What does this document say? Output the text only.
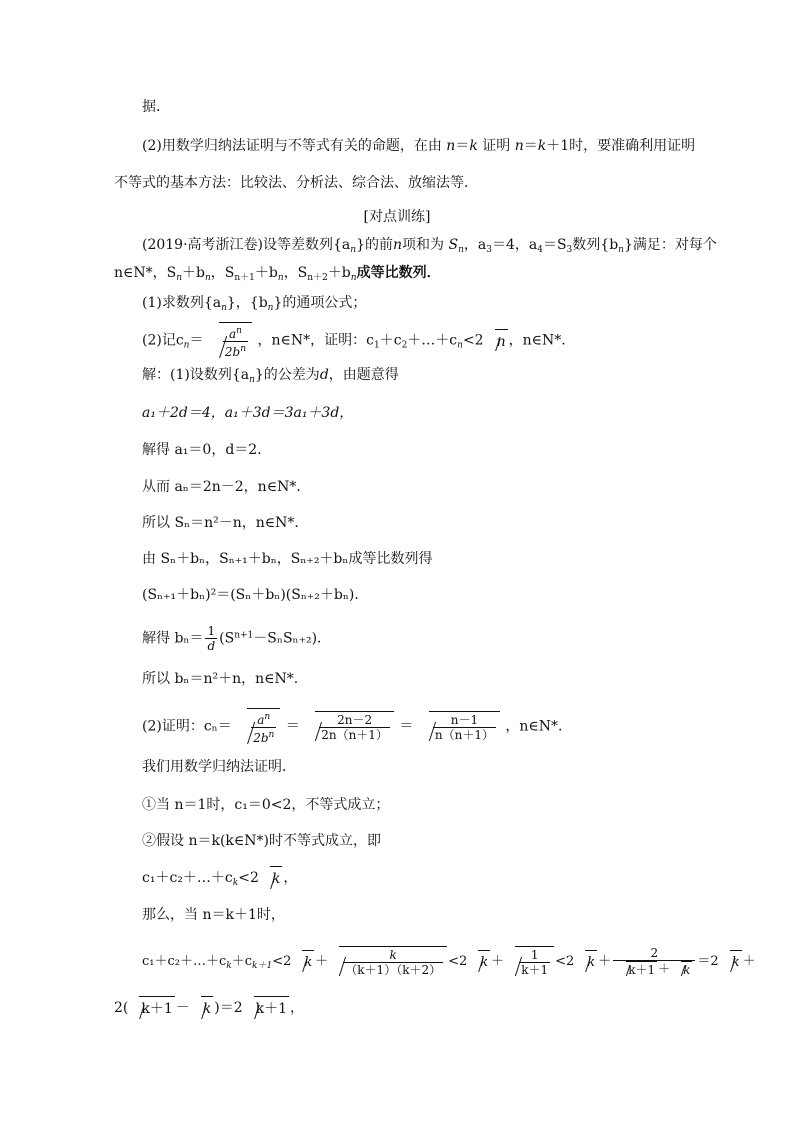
据．
(2)用数学归纳法证明与不等式有关的命题，在由 n＝k 证明 n＝k＋1时，要准确利用证明
不等式的基本方法：比较法、分析法、综合法、放缩法等．
[对点训练]
(2019·高考浙江卷)设等差数列$\{a_n\}$的前n项和为 $S_n$，$a_3=4$，$a_4=S_3$数列$\{b_n\}$满足：对每个
n∈N*，$S_n+b_n$，$S_{n+1}+b_n$，$S_{n+2}+b_n$成等比数列．
(1)求数列$\{a_n\}$，$\{b_n\}$的通项公式；
(2)记$c_n= \frac{a^n}{2b^n}$ ，n∈N*，证明：$c_1+c_2+\dots+c_n<2$ n ，n∈N*.
解：(1)设数列$\{a_n\}$的公差为d，由题意得
a₁＋2d＝4，a₁＋3d＝3a₁＋3d，
解得 a₁＝0，d＝2.
从而 aₙ＝2n－2，n∈N*.
所以 Sₙ＝n²－n，n∈N*.
由 Sₙ＋bₙ，Sₙ₊₁＋bₙ，Sₙ₊₂＋bₙ成等比数列得
(Sₙ₊₁＋bₙ)²＝(Sₙ＋bₙ)(Sₙ₊₂＋bₙ)．
解得 $b_n= \frac{1}{d} (S^{n+1}-S_nS_{n+2})$．
所以 bₙ＝n²＋n，n∈N*.
(2)证明：$c_n= \frac{a^n}{2b^n} = \frac{2n-2}{2n(n+1)} = \frac{n-1}{n(n+1)}$ ，n∈N*.
我们用数学归纳法证明．
①当 n＝1时，c₁＝0<2，不等式成立；
②假设 n＝k(k∈N*)时不等式成立，即
$c_1+c_2+\dots+c_k<2$ k ，
那么，当 n＝k＋1时，
$c_1+c_2+\dots+c_k+c_{k+1}<2$ $k + \frac{k}{(k+1)(k+2)} <2$ $k + \frac{1}{k+1} <2$ $k + \frac{2}{k+1 + k} =2$ k ＋
2( k＋1 － k )＝2 k＋1 ，
